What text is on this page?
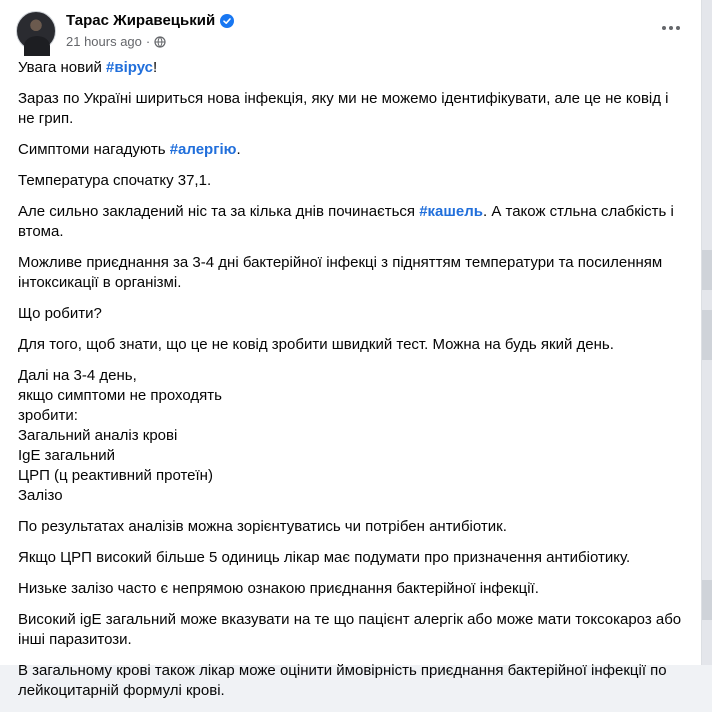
Тарас Жиравецький
21 hours ago ·

Увага новий #вірус!

Зараз по Україні шириться нова інфекція, яку ми не можемо ідентифікувати, але це не ковід і не грип.

Симптоми нагадують #алергію.

Температура спочатку 37,1.

Але сильно закладений ніс та за кілька днів починається #кашель. А також стльна слабкість і втома.

Можливе приєднання за 3-4 дні бактерійної інфекці з підняттям температури та посиленням інтоксикації в організмі.

Що робити?

Для того, щоб знати, що це не ковід зробити швидкий тест. Можна на будь який день.

Далі на 3-4 день,
якщо симптоми не проходять
зробити:
Загальний аналіз крові
IgE загальний
ЦРП (ц реактивний протеїн)
Залізо

По результатах аналізів можна зорієнтуватись чи потрібен антибіотик.

Якщо ЦРП високий більше 5 одиниць лікар має подумати про призначення антибіотику.

Низьке залізо часто є непрямою ознакою приєднання бактерійної інфекції.

Високий igE загальний може вказувати на те що пацієнт алергік або може мати токсокароз або інші паразитози.

В загальному крові також лікар може оцінити ймовірність приєднання бактерійної інфекції по лейкоцитарній формулі крові.
